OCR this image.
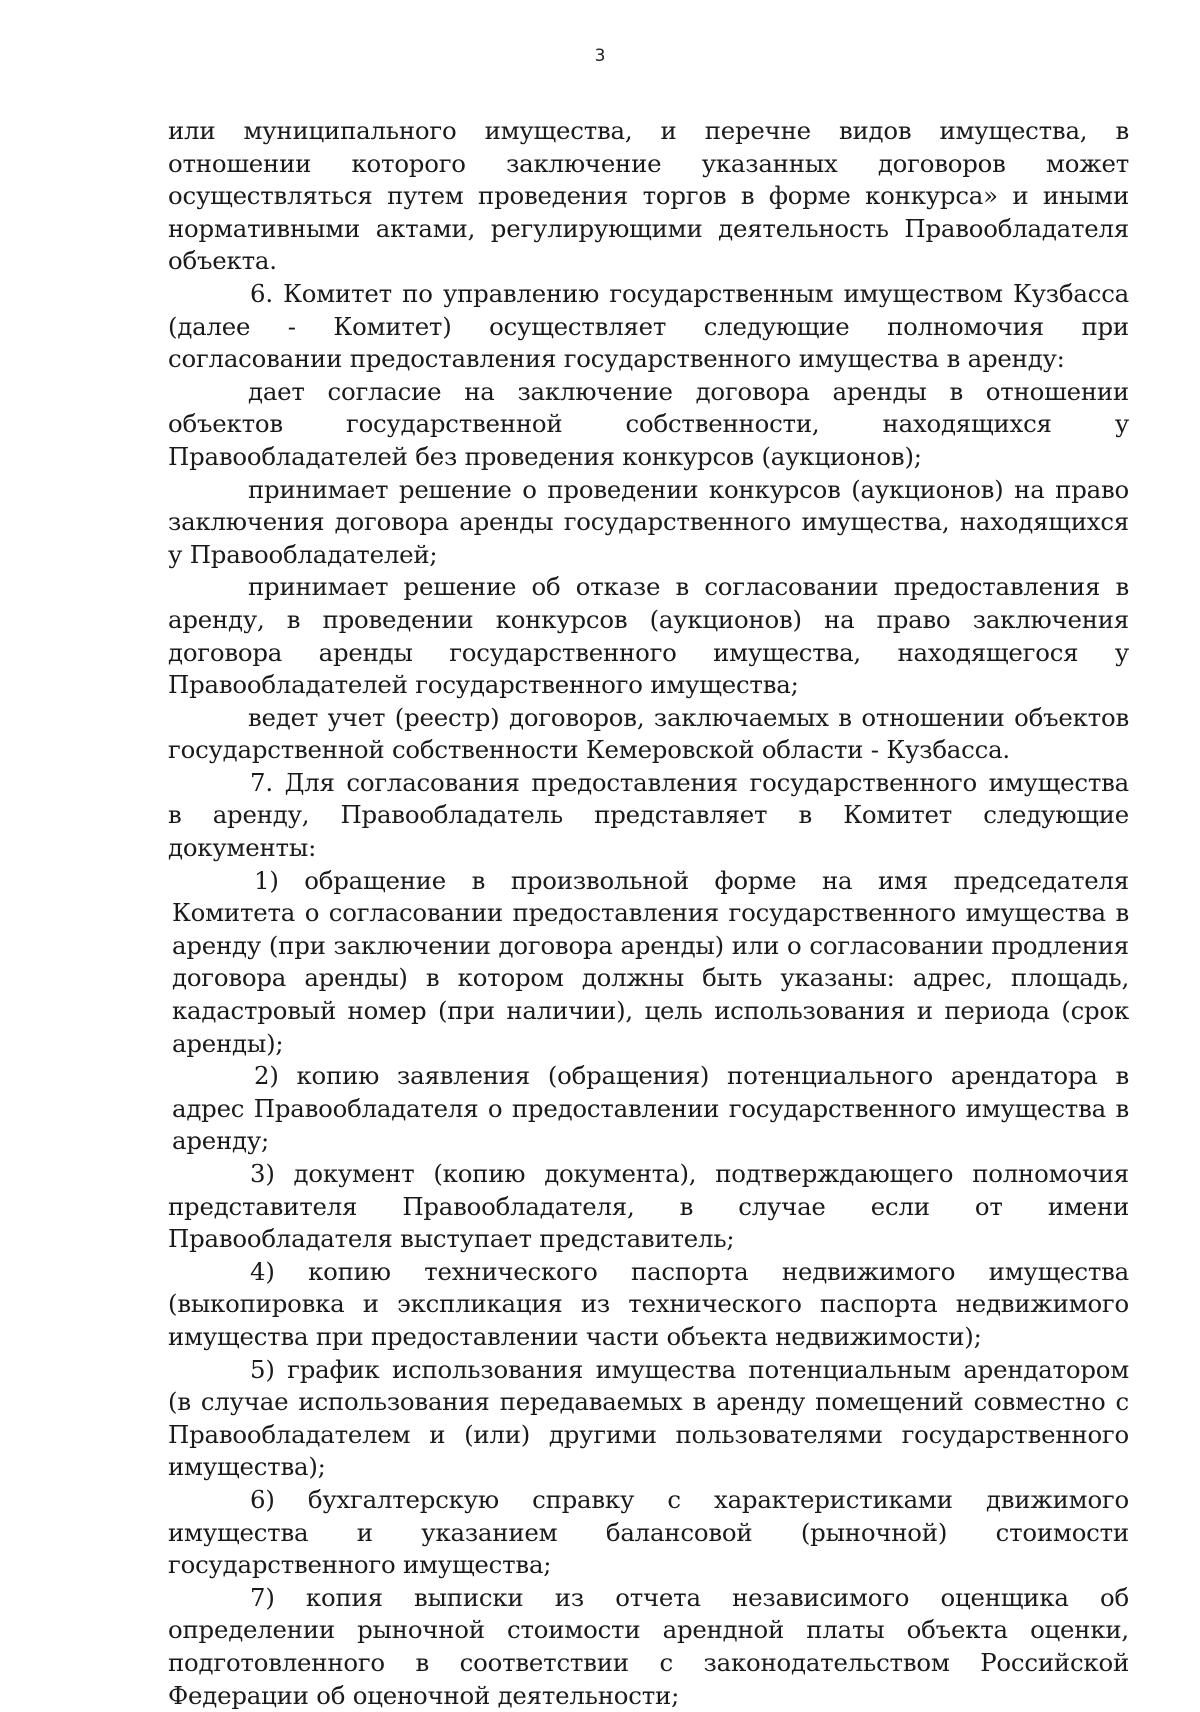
3

или муниципального имущества, и перечне видов имущества, в отношении которого заключение указанных договоров может осуществляться путем проведения торгов в форме конкурса» и иными нормативными актами, регулирующими деятельность Правообладателя объекта.

6. Комитет по управлению государственным имуществом Кузбасса (далее - Комитет) осуществляет следующие полномочия при согласовании предоставления государственного имущества в аренду:

дает согласие на заключение договора аренды в отношении объектов государственной собственности, находящихся у Правообладателей без проведения конкурсов (аукционов);

принимает решение о проведении конкурсов (аукционов) на право заключения договора аренды государственного имущества, находящихся у Правообладателей;

принимает решение об отказе в согласовании предоставления в аренду, в проведении конкурсов (аукционов) на право заключения договора аренды государственного имущества, находящегося у Правообладателей государственного имущества;

ведет учет (реестр) договоров, заключаемых в отношении объектов государственной собственности Кемеровской области - Кузбасса.

7. Для согласования предоставления государственного имущества в аренду, Правообладатель представляет в Комитет следующие документы:

1) обращение в произвольной форме на имя председателя Комитета о согласовании предоставления государственного имущества в аренду (при заключении договора аренды) или о согласовании продления договора аренды) в котором должны быть указаны: адрес, площадь, кадастровый номер (при наличии), цель использования и периода (срок аренды);

2) копию заявления (обращения) потенциального арендатора в адрес Правообладателя о предоставлении государственного имущества в аренду;

3) документ (копию документа), подтверждающего полномочия представителя Правообладателя, в случае если от имени Правообладателя выступает представитель;

4) копию технического паспорта недвижимого имущества (выкопировка и экспликация из технического паспорта недвижимого имущества при предоставлении части объекта недвижимости);

5) график использования имущества потенциальным арендатором (в случае использования передаваемых в аренду помещений совместно с Правообладателем и (или) другими пользователями государственного имущества);

6) бухгалтерскую справку с характеристиками движимого имущества и указанием балансовой (рыночной) стоимости государственного имущества;

7) копия выписки из отчета независимого оценщика об определении рыночной стоимости арендной платы объекта оценки, подготовленного в соответствии с законодательством Российской Федерации об оценочной деятельности;
